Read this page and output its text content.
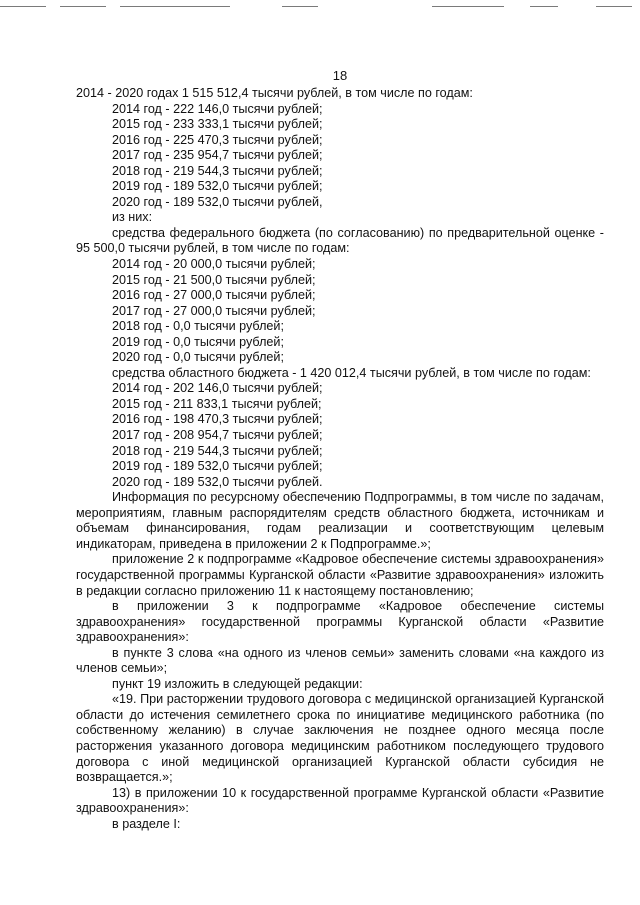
18
2014 - 2020 годах 1 515 512,4 тысячи рублей, в том числе по годам:
2014 год - 222 146,0 тысячи рублей;
2015 год - 233 333,1 тысячи рублей;
2016 год - 225 470,3 тысячи рублей;
2017 год - 235 954,7 тысячи рублей;
2018 год - 219 544,3 тысячи рублей;
2019 год - 189 532,0 тысячи рублей;
2020 год - 189 532,0 тысячи рублей,
из них:
средства федерального бюджета (по согласованию) по предварительной оценке - 95 500,0 тысячи рублей, в том числе по годам:
2014 год - 20 000,0 тысячи рублей;
2015 год - 21 500,0 тысячи рублей;
2016 год - 27 000,0 тысячи рублей;
2017 год - 27 000,0 тысячи рублей;
2018 год - 0,0 тысячи рублей;
2019 год - 0,0 тысячи рублей;
2020 год - 0,0 тысячи рублей;
средства областного бюджета - 1 420 012,4 тысячи рублей, в том числе по годам:
2014 год - 202 146,0 тысячи рублей;
2015 год - 211 833,1 тысячи рублей;
2016 год - 198 470,3 тысячи рублей;
2017 год - 208 954,7 тысячи рублей;
2018 год - 219 544,3 тысячи рублей;
2019 год - 189 532,0 тысячи рублей;
2020 год - 189 532,0 тысячи рублей.
Информация по ресурсному обеспечению Подпрограммы, в том числе по задачам, мероприятиям, главным распорядителям средств областного бюджета, источникам и объемам финансирования, годам реализации и соответствующим целевым индикаторам, приведена в приложении 2 к Подпрограмме.»;
приложение 2 к подпрограмме «Кадровое обеспечение системы здравоохранения» государственной программы Курганской области «Развитие здравоохранения» изложить в редакции согласно приложению 11 к настоящему постановлению;
в приложении 3 к подпрограмме «Кадровое обеспечение системы здравоохранения» государственной программы Курганской области «Развитие здравоохранения»:
в пункте 3 слова «на одного из членов семьи» заменить словами «на каждого из членов семьи»;
пункт 19 изложить в следующей редакции:
«19. При расторжении трудового договора с медицинской организацией Курганской области до истечения семилетнего срока по инициативе медицинского работника (по собственному желанию) в случае заключения не позднее одного месяца после расторжения указанного договора медицинским работником последующего трудового договора с иной медицинской организацией Курганской области субсидия не возвращается.»;
13) в приложении 10 к государственной программе Курганской области «Развитие здравоохранения»:
в разделе I:
